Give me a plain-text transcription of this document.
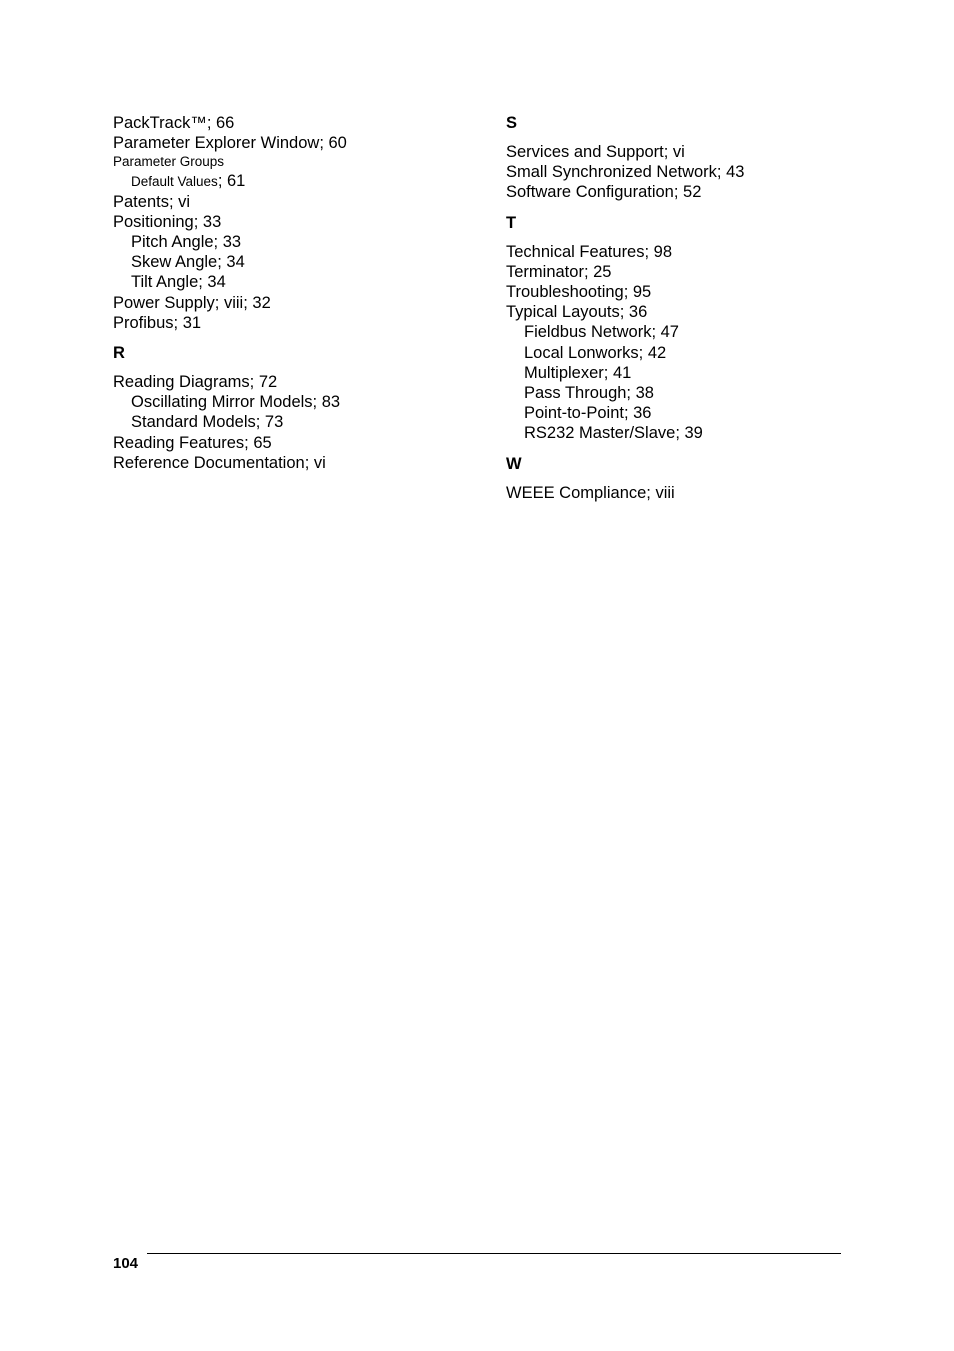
PackTrack™; 66
Parameter Explorer Window; 60
Parameter Groups
Default Values; 61
Patents; vi
Positioning; 33
Pitch Angle; 33
Skew Angle; 34
Tilt Angle; 34
Power Supply; viii; 32
Profibus; 31
R
Reading Diagrams; 72
Oscillating Mirror Models; 83
Standard Models; 73
Reading Features; 65
Reference Documentation; vi
S
Services and Support; vi
Small Synchronized Network; 43
Software Configuration; 52
T
Technical Features; 98
Terminator; 25
Troubleshooting; 95
Typical Layouts; 36
Fieldbus Network; 47
Local Lonworks; 42
Multiplexer; 41
Pass Through; 38
Point-to-Point; 36
RS232 Master/Slave; 39
W
WEEE Compliance; viii
104
